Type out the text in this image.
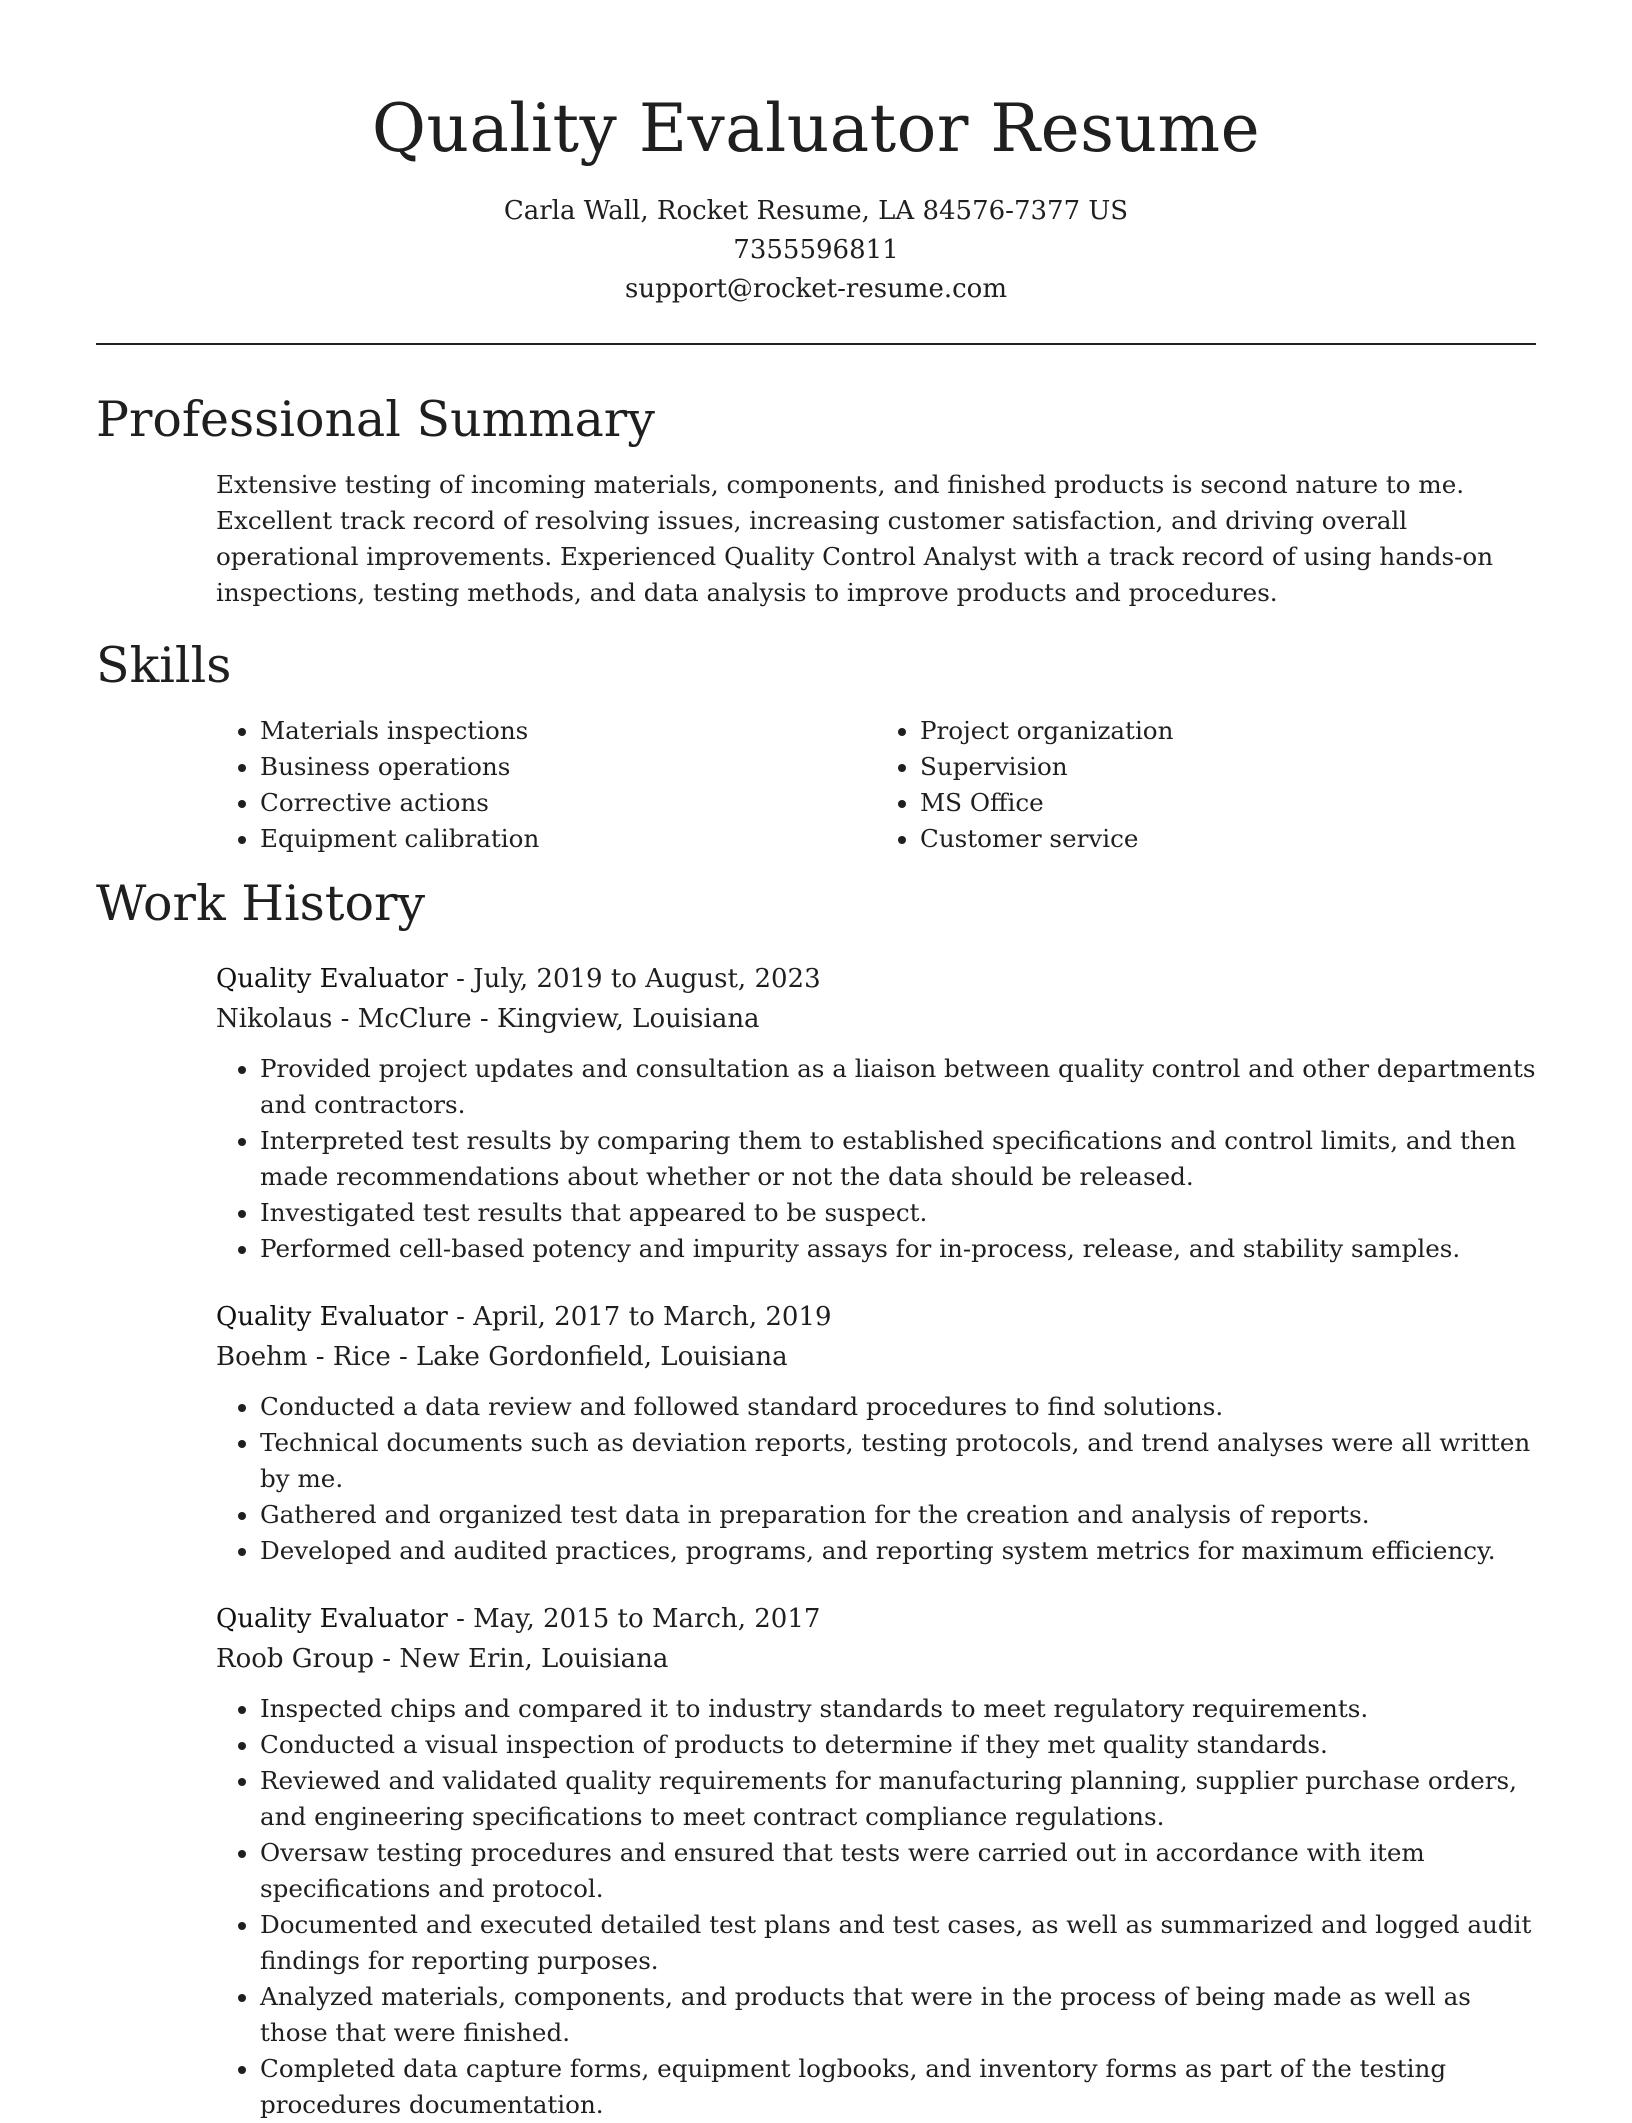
Quality Evaluator Resume
Carla Wall, Rocket Resume, LA 84576-7377 US
7355596811
support@rocket-resume.com
Professional Summary

Extensive testing of incoming materials, components, and finished products is second nature to me. Excellent track record of resolving issues, increasing customer satisfaction, and driving overall operational improvements. Experienced Quality Control Analyst with a track record of using hands-on inspections, testing methods, and data analysis to improve products and procedures.

Skills
• Materials inspections
• Business operations
• Corrective actions
• Equipment calibration
• Project organization
• Supervision
• MS Office
• Customer service
Work History
Quality Evaluator - July, 2019 to August, 2023
Nikolaus - McClure - Kingview, Louisiana
• Provided project updates and consultation as a liaison between quality control and other departments and contractors.
• Interpreted test results by comparing them to established specifications and control limits, and then made recommendations about whether or not the data should be released.
• Investigated test results that appeared to be suspect.
• Performed cell-based potency and impurity assays for in-process, release, and stability samples.
Quality Evaluator - April, 2017 to March, 2019
Boehm - Rice - Lake Gordonfield, Louisiana
• Conducted a data review and followed standard procedures to find solutions.
• Technical documents such as deviation reports, testing protocols, and trend analyses were all written by me.
• Gathered and organized test data in preparation for the creation and analysis of reports.
• Developed and audited practices, programs, and reporting system metrics for maximum efficiency.
Quality Evaluator - May, 2015 to March, 2017
Roob Group - New Erin, Louisiana
• Inspected chips and compared it to industry standards to meet regulatory requirements.
• Conducted a visual inspection of products to determine if they met quality standards.
• Reviewed and validated quality requirements for manufacturing planning, supplier purchase orders, and engineering specifications to meet contract compliance regulations.
• Oversaw testing procedures and ensured that tests were carried out in accordance with item specifications and protocol.
• Documented and executed detailed test plans and test cases, as well as summarized and logged audit findings for reporting purposes.
• Analyzed materials, components, and products that were in the process of being made as well as those that were finished.
• Completed data capture forms, equipment logbooks, and inventory forms as part of the testing procedures documentation.
